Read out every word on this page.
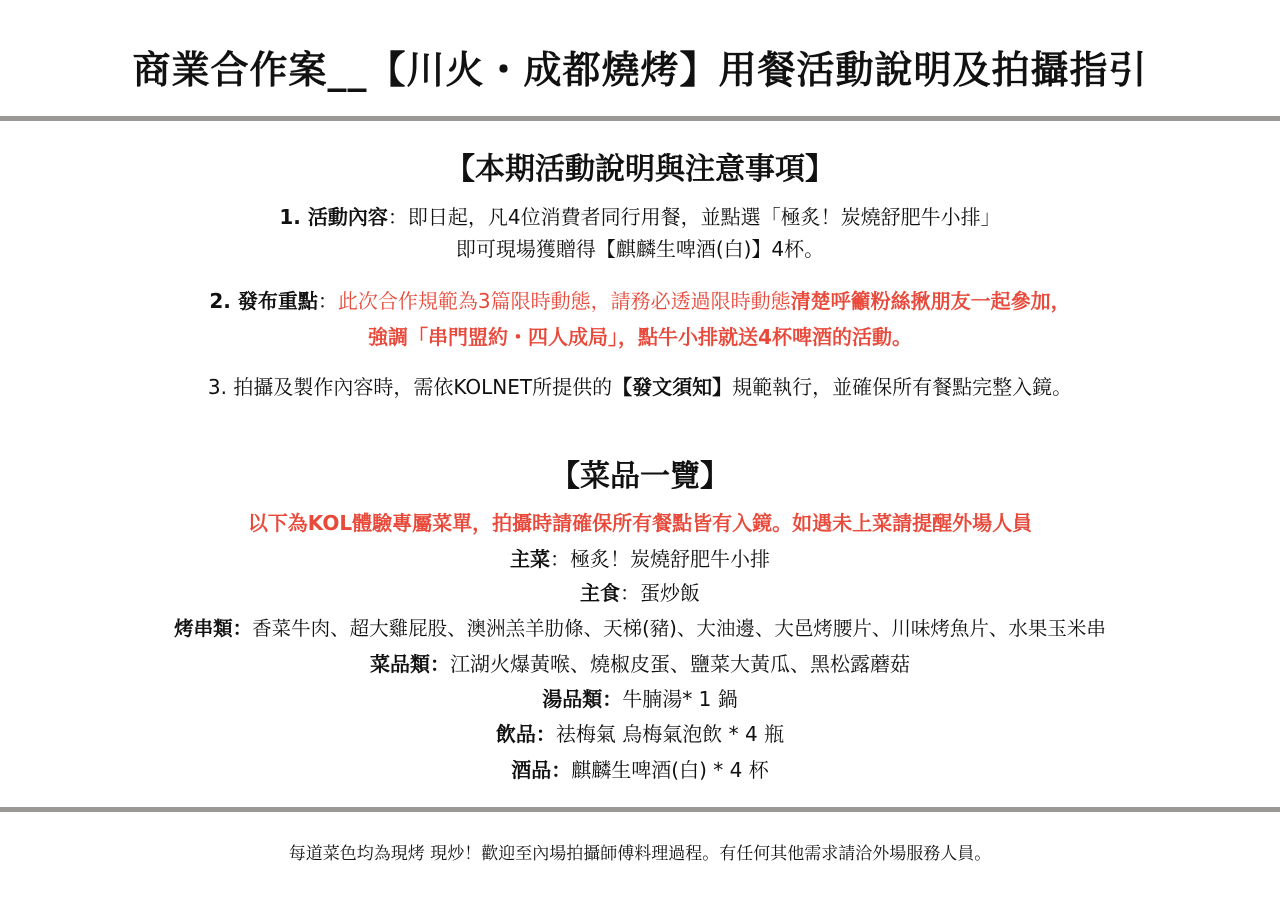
商業合作案__【川火・成都燒烤】用餐活動說明及拍攝指引
【本期活動說明與注意事項】
1. 活動內容：即日起，凡4位消費者同行用餐，並點選「極炙！炭燒舒肥牛小排」
即可現場獲贈得【麒麟生啤酒(白)】4杯。
2. 發布重點：此次合作規範為3篇限時動態，請務必透過限時動態清楚呼籲粉絲揪朋友一起參加，
強調「串門盟約・四人成局」，點牛小排就送4杯啤酒的活動。
3. 拍攝及製作內容時，需依KOLNET所提供的【發文須知】規範執行，並確保所有餐點完整入鏡。
【菜品一覽】
以下為KOL體驗專屬菜單，拍攝時請確保所有餐點皆有入鏡。如遇未上菜請提醒外場人員
主菜：極炙！炭燒舒肥牛小排
主食：蛋炒飯
烤串類：香菜牛肉、超大雞屁股、澳洲羔羊肋條、天梯(豬)、大油邊、大邑烤腰片、川味烤魚片、水果玉米串
菜品類：江湖火爆黃喉、燒椒皮蛋、鹽菜大黃瓜、黑松露蘑菇
湯品類：牛腩湯* 1 鍋
飲品：祛梅氣 烏梅氣泡飲 * 4 瓶
酒品：麒麟生啤酒(白) * 4 杯
每道菜色均為現烤 現炒！歡迎至內場拍攝師傅料理過程。有任何其他需求請洽外場服務人員。
